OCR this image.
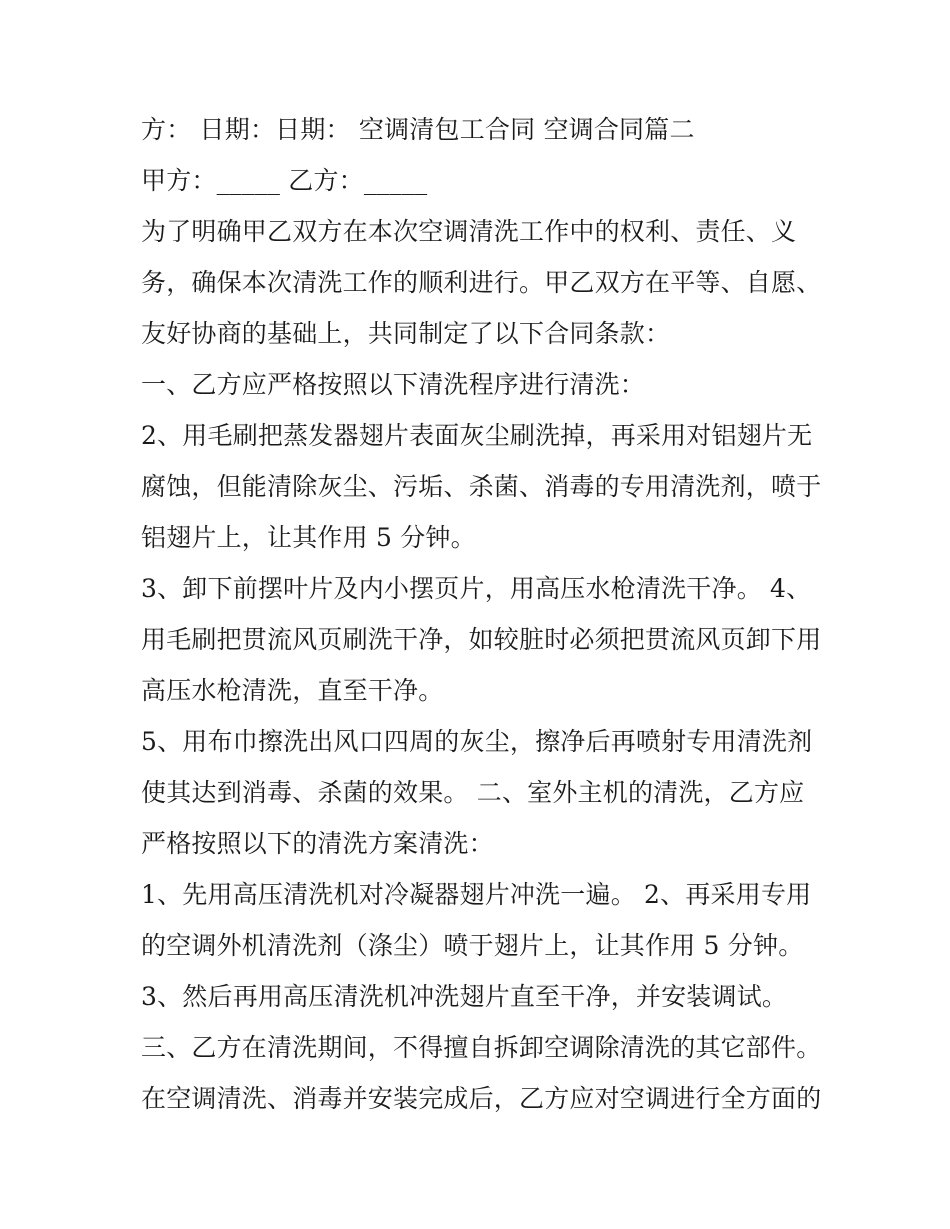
方： 日期：日期： 空调清包工合同 空调合同篇二
甲方：_____ 乙方：_____
为了明确甲乙双方在本次空调清洗工作中的权利、责任、义
务，确保本次清洗工作的顺利进行。甲乙双方在平等、自愿、
友好协商的基础上，共同制定了以下合同条款：
一、乙方应严格按照以下清洗程序进行清洗：
2、用毛刷把蒸发器翅片表面灰尘刷洗掉，再采用对铝翅片无
腐蚀，但能清除灰尘、污垢、杀菌、消毒的专用清洗剂，喷于
铝翅片上，让其作用 5 分钟。
3、卸下前摆叶片及内小摆页片，用高压水枪清洗干净。 4、
用毛刷把贯流风页刷洗干净，如较脏时必须把贯流风页卸下用
高压水枪清洗，直至干净。
5、用布巾擦洗出风口四周的灰尘，擦净后再喷射专用清洗剂
使其达到消毒、杀菌的效果。 二、室外主机的清洗，乙方应
严格按照以下的清洗方案清洗：
1、先用高压清洗机对冷凝器翅片冲洗一遍。 2、再采用专用
的空调外机清洗剂（涤尘）喷于翅片上，让其作用 5 分钟。
3、然后再用高压清洗机冲洗翅片直至干净，并安装调试。
三、乙方在清洗期间，不得擅自拆卸空调除清洗的其它部件。
在空调清洗、消毒并安装完成后，乙方应对空调进行全方面的
